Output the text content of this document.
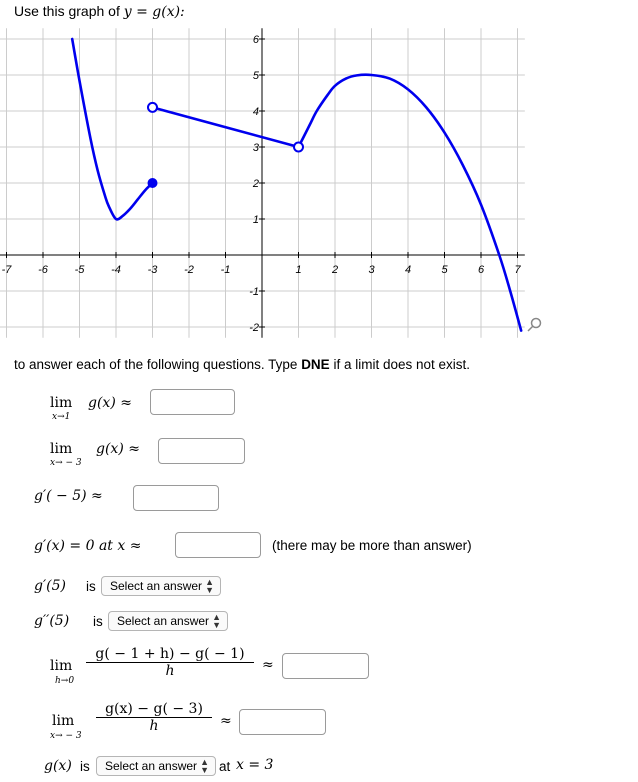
Use this graph of y = g(x):
-7 -6 -5 -4 -3 -2 -1	1	2	3	4	5	6	7
6
5
4
3
2
1
-1
-2
to answer each of the following questions. Type DNE if a limit does not exist.
lim
x→1
g(x) ≈
lim
x→ − 3
g(x) ≈
g′( − 5) ≈
g′(x) = 0 at x ≈	(there may be more than answer)
g′(5) is	Select an answer ▲
▼
g′′(5) is	Select an answer ▲
▼
lim
h→0
g( − 1 + h) − g( − 1)
h	≈
lim
x→ − 3
g(x) − g( − 3)
h	≈
g(x) is	Select an answer ▲
▼ at x = 3
